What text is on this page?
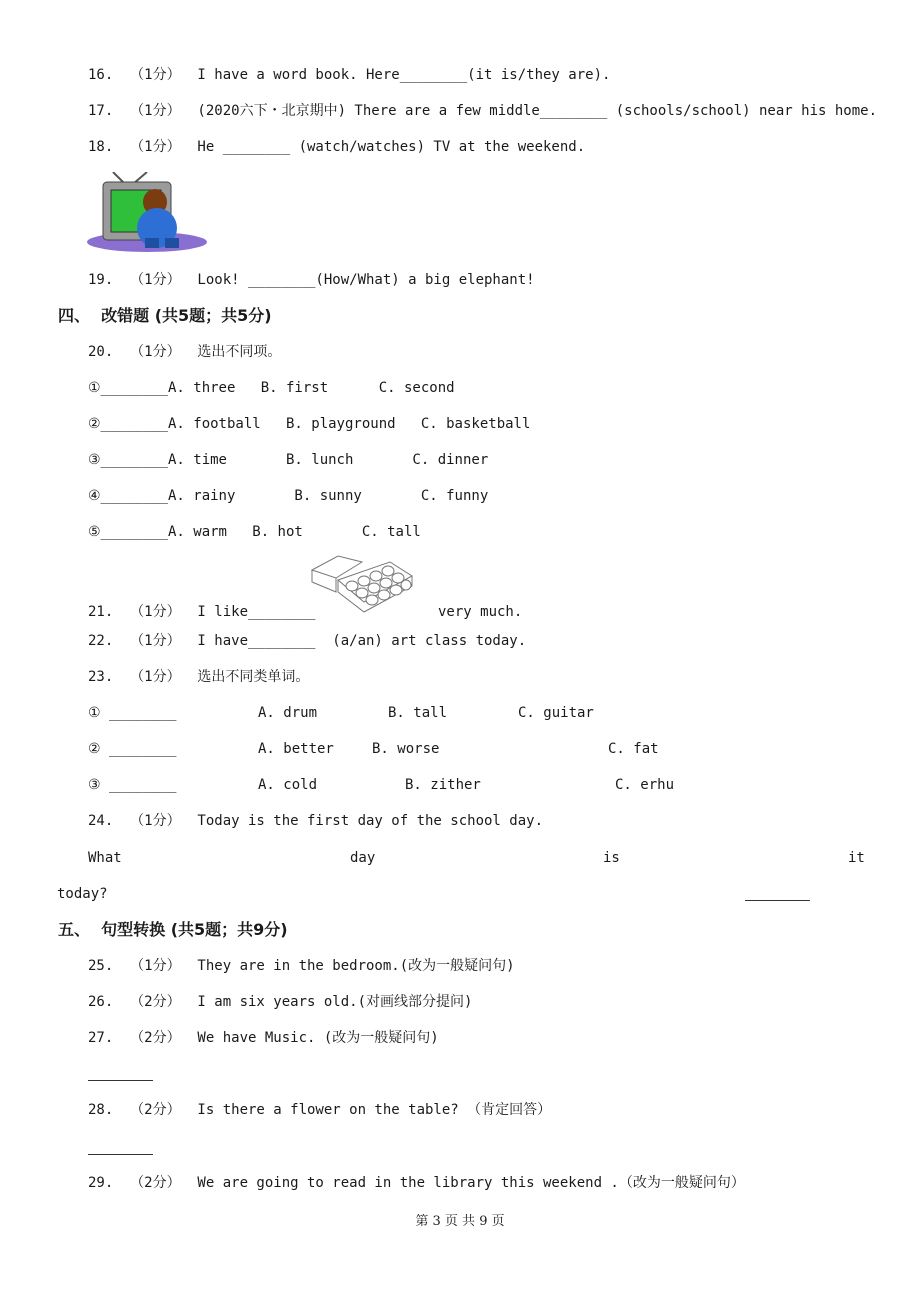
16.  （1分）  I have a word book. Here________(it is/they are).
17.  （1分）  (2020六下・北京期中) There are a few middle________ (schools/school) near his home.
18.  （1分）  He ________ (watch/watches) TV at the weekend.
19.  （1分）  Look! ________(How/What) a big elephant!
四、  改错题 (共5题；共5分)
20.  （1分）  选出不同项。
①________A. three   B. first      C. second
②________A. football   B. playground   C. basketball
③________A. time       B. lunch       C. dinner
④________A. rainy       B. sunny       C. funny
⑤________A. warm   B. hot       C. tall
21.  （1分）  I like________	very much.
22.  （1分）  I have________  (a/an) art class today.
23.  （1分）  选出不同类单词。
① ________	A. drum	B. tall	C. guitar
② ________	A. better	B. worse	C. fat
③ ________	A. cold	B. zither	C. erhu
24.  （1分）  Today is the first day of the school day.
What	day	is	it
today?
五、  句型转换 (共5题；共9分)
25.  （1分）  They are in the bedroom.(改为一般疑问句)
26.  （2分）  I am six years old.(对画线部分提问)
27.  （2分）  We have Music. (改为一般疑问句)
28.  （2分）  Is there a flower on the table? （肯定回答）
29.  （2分）  We are going to read in the library this weekend .（改为一般疑问句）
第 3 页 共 9 页
